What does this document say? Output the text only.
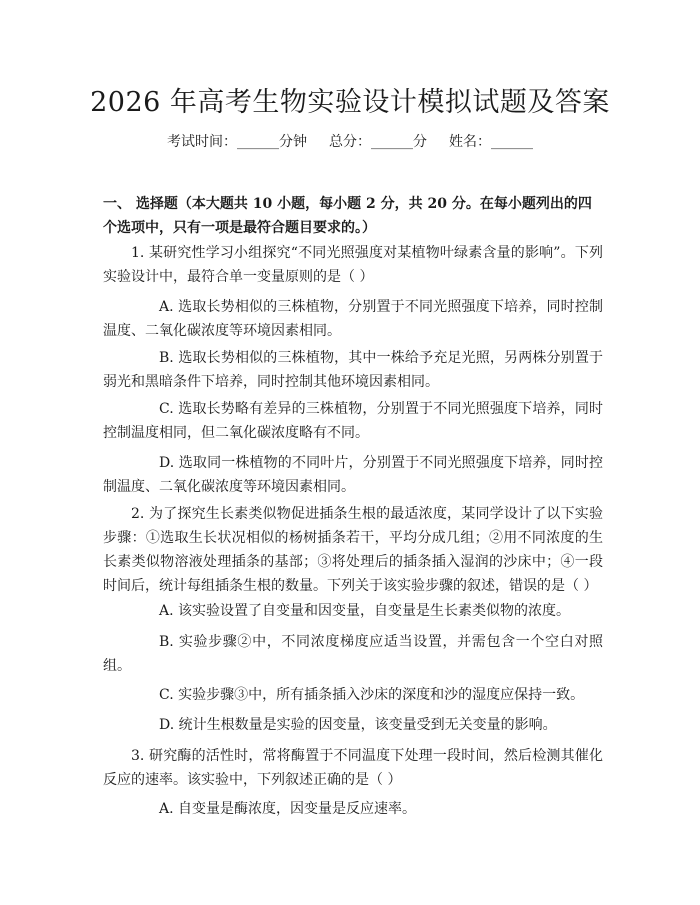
2026 年高考生物实验设计模拟试题及答案
考试时间：______分钟 总分：______分 姓名：______

一、 选择题（本大题共 10 小题，每小题 2 分，共 20 分。在每小题列出的四个选项中，只有一项是最符合题目要求的。）

1. 某研究性学习小组探究“不同光照强度对某植物叶绿素含量的影响”。下列实验设计中，最符合单一变量原则的是（ ）

A. 选取长势相似的三株植物，分别置于不同光照强度下培养，同时控制温度、二氧化碳浓度等环境因素相同。

B. 选取长势相似的三株植物，其中一株给予充足光照，另两株分别置于弱光和黑暗条件下培养，同时控制其他环境因素相同。

C. 选取长势略有差异的三株植物，分别置于不同光照强度下培养，同时控制温度相同，但二氧化碳浓度略有不同。

D. 选取同一株植物的不同叶片，分别置于不同光照强度下培养，同时控制温度、二氧化碳浓度等环境因素相同。

2. 为了探究生长素类似物促进插条生根的最适浓度，某同学设计了以下实验步骤：①选取生长状况相似的杨树插条若干，平均分成几组；②用不同浓度的生长素类似物溶液处理插条的基部；③将处理后的插条插入湿润的沙床中；④一段时间后，统计每组插条生根的数量。下列关于该实验步骤的叙述，错误的是（ ）

A. 该实验设置了自变量和因变量，自变量是生长素类似物的浓度。

B. 实验步骤②中，不同浓度梯度应适当设置，并需包含一个空白对照组。

C. 实验步骤③中，所有插条插入沙床的深度和沙的湿度应保持一致。

D. 统计生根数量是实验的因变量，该变量受到无关变量的影响。

3. 研究酶的活性时，常将酶置于不同温度下处理一段时间，然后检测其催化反应的速率。该实验中，下列叙述正确的是（ ）

A. 自变量是酶浓度，因变量是反应速率。
